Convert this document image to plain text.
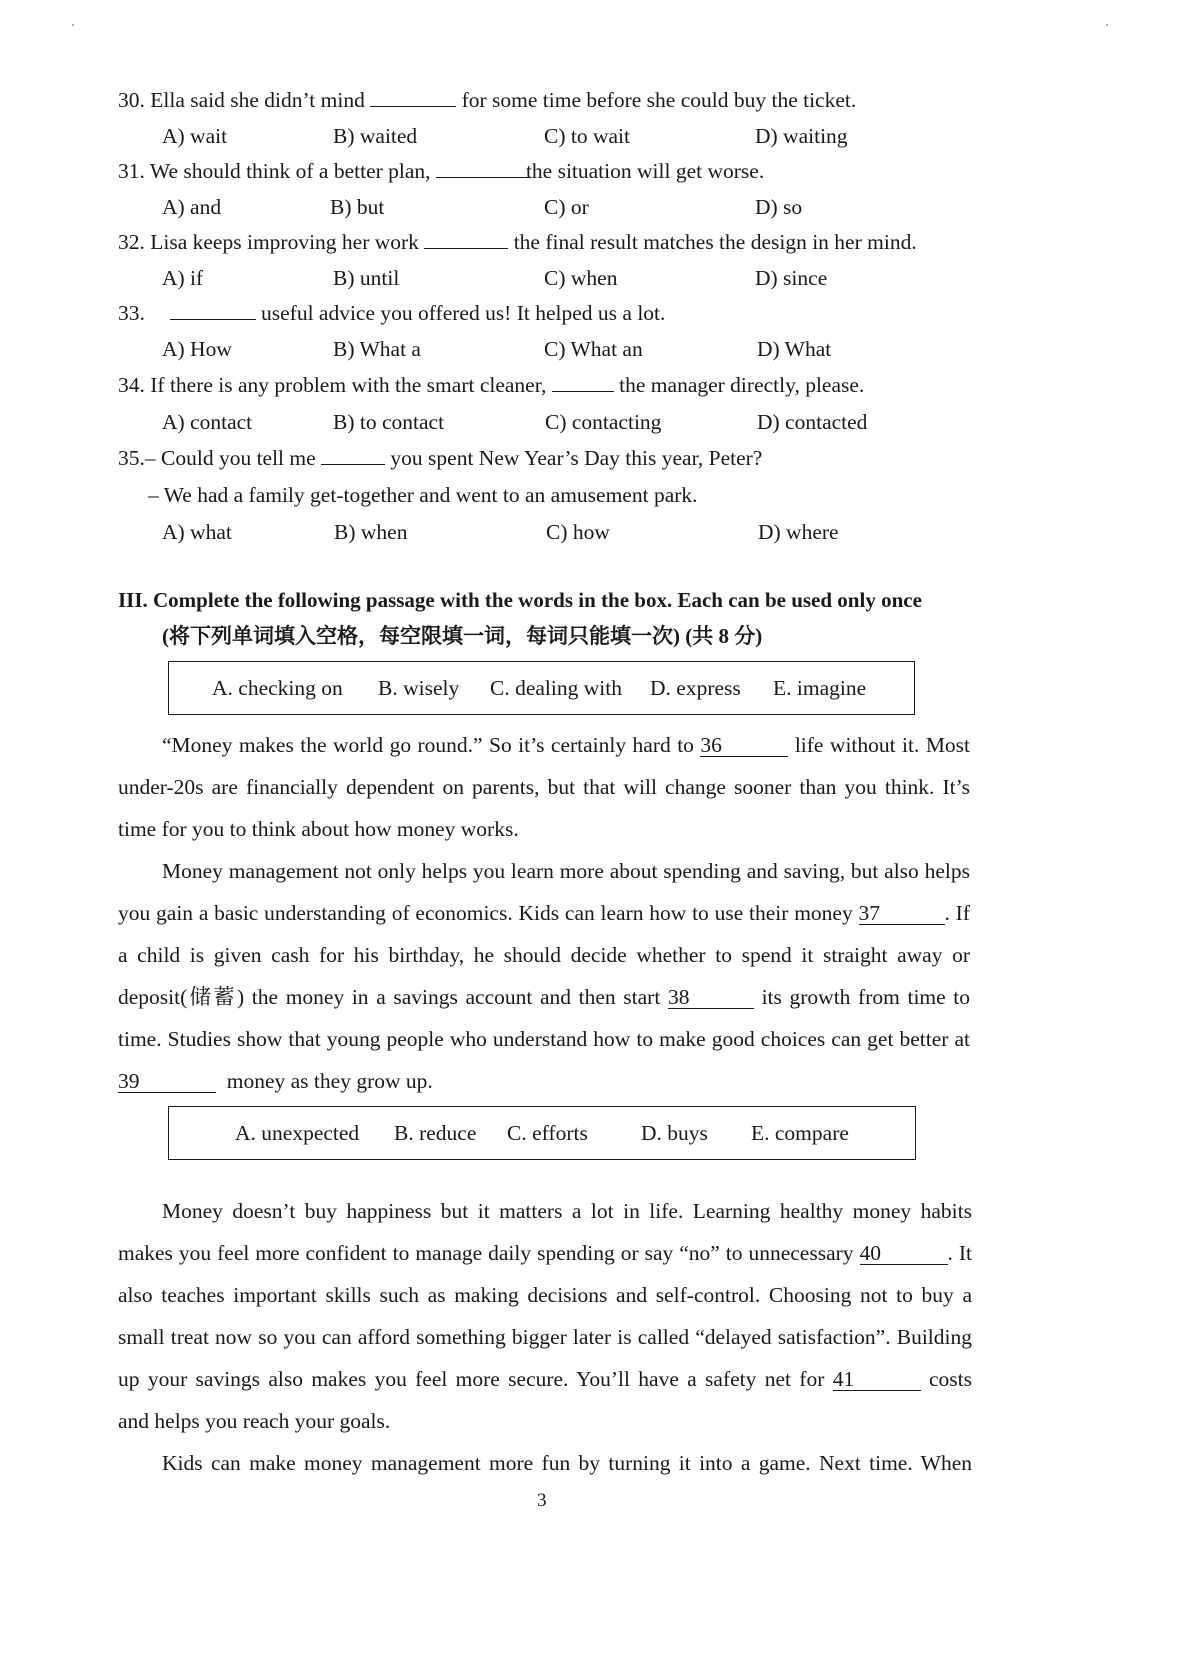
30. Ella said she didn’t mind	for some time before she could buy the ticket.
A) wait	B) waited	C) to wait	D) waiting
31. We should think of a better plan,	the situation will get worse.
A) and	B) but	C) or	D) so
32. Lisa keeps improving her work	the final result matches the design in her mind.
A) if	B) until	C) when	D) since
33.	useful advice you offered us! It helped us a lot.
A) How	B) What a	C) What an	D) What
34. If there is any problem with the smart cleaner,	the manager directly, please.
A) contact	B) to contact	C) contacting	D) contacted
35.– Could you tell me	you spent New Year’s Day this year, Peter?
– We had a family get-together and went to an amusement park.
A) what	B) when	C) how	D) where
III. Complete the following passage with the words in the box. Each can be used only once
(将下列单词填入空格，每空限填一词，每词只能填一次) (共 8 分)
A. checking on B. wisely C. dealing with D. express E. imagine
“Money makes the world go round.” So it’s certainly hard to 36	life without it. Most
under-20s are financially dependent on parents, but that will change sooner than you think. It’s
time for you to think about how money works.
Money management not only helps you learn more about spending and saving, but also helps
you gain a basic understanding of economics. Kids can learn how to use their money 37	. If
a child is given cash for his birthday, he should decide whether to spend it straight away or
deposit(储蓄) the money in a savings account and then start 38	its growth from time to
time. Studies show that young people who understand how to make good choices can get better at
39	money as they grow up.
A. unexpected B. reduce C. efforts D. buys E. compare
Money doesn’t buy happiness but it matters a lot in life. Learning healthy money habits
makes you feel more confident to manage daily spending or say “no” to unnecessary 40	. It
also teaches important skills such as making decisions and self-control. Choosing not to buy a
small treat now so you can afford something bigger later is called “delayed satisfaction”. Building
up your savings also makes you feel more secure. You’ll have a safety net for 41	costs
and helps you reach your goals.
Kids can make money management more fun by turning it into a game. Next time. When
3
